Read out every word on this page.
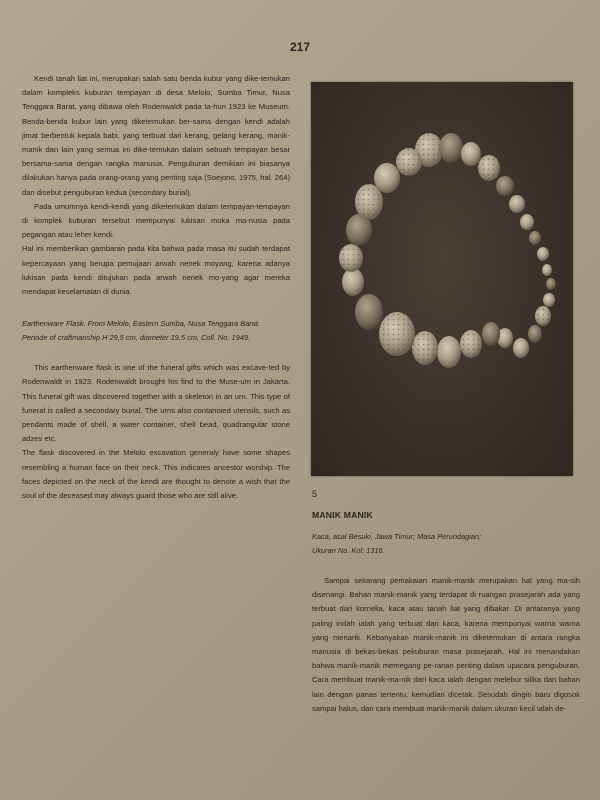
217

Kendi tanah liat ini, merupakan salah satu benda kubur yang dike-temukan dalam kompleks kuburan tempayan di desa Melolo, Sumba Timur, Nusa Tenggara Barat, yang dibawa oleh Rodenwaldt pada ta-hun 1923 ke Museum. Benda-benda kubur lain yang diketemukan ber-sama dengan kendi adalah jimat berbentuk kepala babi, yang terbuat dari kerang, gelang kerang, manik-manik dan lain yang semua ini dike-temukan dalam sebuah tempayan besar bersama-sama dengan rangka manusia. Penguburan demikian ini biasanya dilakukan hanya pada orang-orang yang penting saja (Soejono, 1975, hal. 264) dan disebut penguburan kedua (secondary burial).

Pada umumnya kendi-kendi yang diketemukan dalam tempayan-tempayan di komplek kuburan tersebut mempunyai lukisan muka ma-nusia pada pegangan atau leher kendi.

Hal ini memberikan gambaran pada kita bahwa pada masa itu sudah terdapat kepercayaan yang berupa pemujaan arwah nenek moyang, karena adanya lukisan pada kendi ditujukan pada arwah nenek mo-yang agar mereka mendapat keselamatan di dunia.

Earthenware Flask. From Melolo, Eastern Sumba, Nusa Tenggara Barat.
Periode of craftmanship H 29,5 cm, diameter 19,5 cm, Coll. No. 1949.

This earthenware flask is one of the funeral gifts which was excave-ted by Rodenwaldt in 1923. Rodenwaldt brought his find to the Muse-um in Jakarta. This funeral gift was discovered together with a skeleton in an urn. This type of funeral is called a secondary burial. The urns also contanoied utensils, such as pendants made of shell, a water container, shell bead, quadrangular stone adzes etc.

The flask discovered in the Melolo excavation generaly have some shapes resembling a human face on their neck. This indicates ancestor worship. The faces depicted on the neck of the kendi are thought to denote a wish that the soul of the deceased may always guard those who are still alive.	5
MANIK MANIK
Kaca, asal Besuki, Jawa Timur; Masa Perundagian;
Ukuran No. Kol: 1316.

Sampai sekarang pemakaian manik-manik merupakan hal yang ma-sih disenangi. Bahan manik-manik yang terdapat di ruangan prasejarah ada yang terbuat dari kornelia, kaca atau tanah liat yang dibakar. Di antaranya yang paling indah ialah yang terbuat dari kaca, karena mempunyai warna warna yang menarik. Kebanyakan manik-manik ini diketemukan di antara rangka manusia di bekas-bekas pekuburan masa prasejarah. Hal ini menandakan bahwa manik-manik memegang pe-ranan penting dalam upacara penguburan. Cara membuat manik-ma-nik dari kaca ialah dengan melebur silika dan bahan lain dengan panas tertentu, kemudian dicetak. Sesudah dingin baru digosok sampai halus, dan cara membuat manik-manik dalam ukuran kecil ialah de-
